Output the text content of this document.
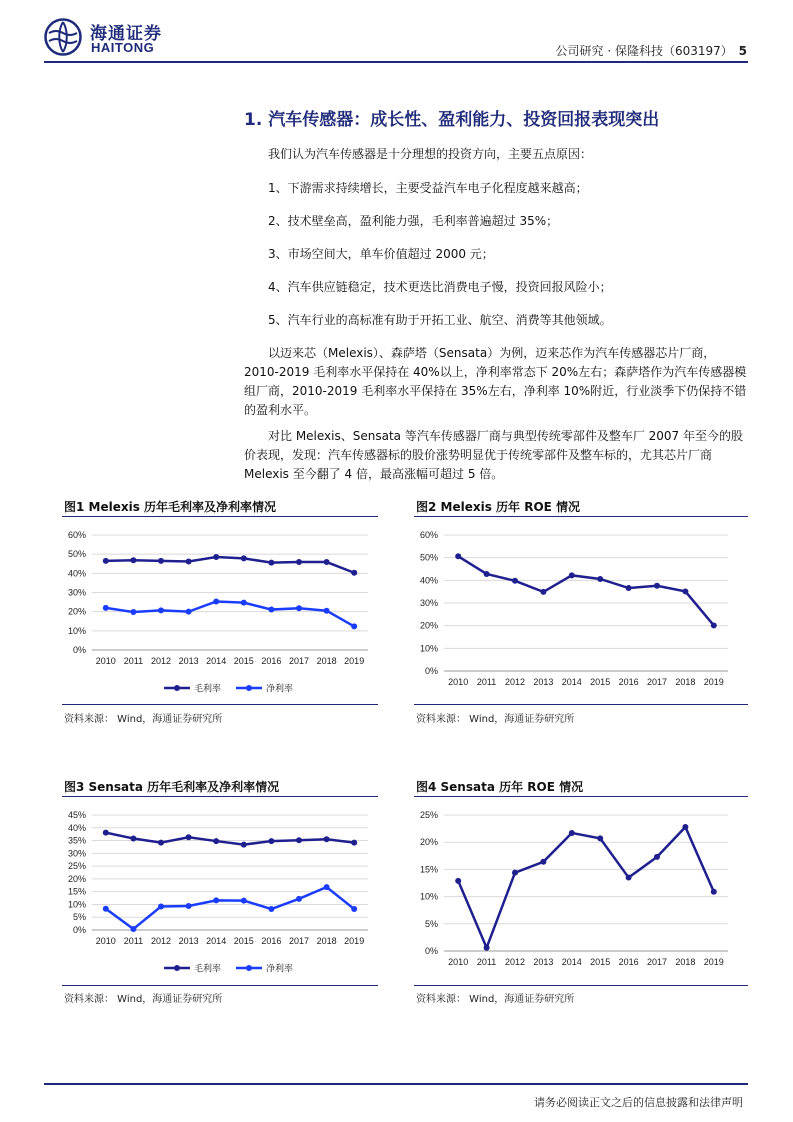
海通证券
HAITONG	公司研究 · 保隆科技（603197） 5
1. 汽车传感器：成长性、盈利能力、投资回报表现突出
我们认为汽车传感器是十分理想的投资方向，主要五点原因：
1、下游需求持续增长，主要受益汽车电子化程度越来越高；
2、技术壁垒高，盈利能力强，毛利率普遍超过 35%；
3、市场空间大，单车价值超过 2000 元；
4、汽车供应链稳定，技术更迭比消费电子慢，投资回报风险小；
5、汽车行业的高标准有助于开拓工业、航空、消费等其他领域。
以迈来芯（Melexis）、森萨塔（Sensata）为例，迈来芯作为汽车传感器芯片厂商，2010-2019 毛利率水平保持在 40%以上，净利率常态下 20%左右；森萨塔作为汽车传感器模组厂商，2010-2019 毛利率水平保持在 35%左右，净利率 10%附近，行业淡季下仍保持不错的盈利水平。
对比 Melexis、Sensata 等汽车传感器厂商与典型传统零部件及整车厂 2007 年至今的股价表现，发现：汽车传感器标的股价涨势明显优于传统零部件及整车标的，尤其芯片厂商 Melexis 至今翻了 4 倍，最高涨幅可超过 5 倍。
图1 Melexis 历年毛利率及净利率情况
0%
10%
20%
30%
40%
50%
60%
2010 2011 2012 2013 2014 2015 2016 2017 2018 2019
毛利率	净利率
资料来源： Wind，海通证券研究所
图2 Melexis 历年 ROE 情况
0%
10%
20%
30%
40%
50%
60%
2010 2011 2012 2013 2014 2015 2016 2017 2018 2019
资料来源： Wind，海通证券研究所
图3 Sensata 历年毛利率及净利率情况
0%
5%
10%
15%
20%
25%
30%
35%
40%
45%
2010 2011 2012 2013 2014 2015 2016 2017 2018 2019
毛利率	净利率
资料来源： Wind，海通证券研究所
图4 Sensata 历年 ROE 情况
0%
5%
10%
15%
20%
25%
2010 2011 2012 2013 2014 2015 2016 2017 2018 2019
资料来源： Wind，海通证券研究所
请务必阅读正文之后的信息披露和法律声明
